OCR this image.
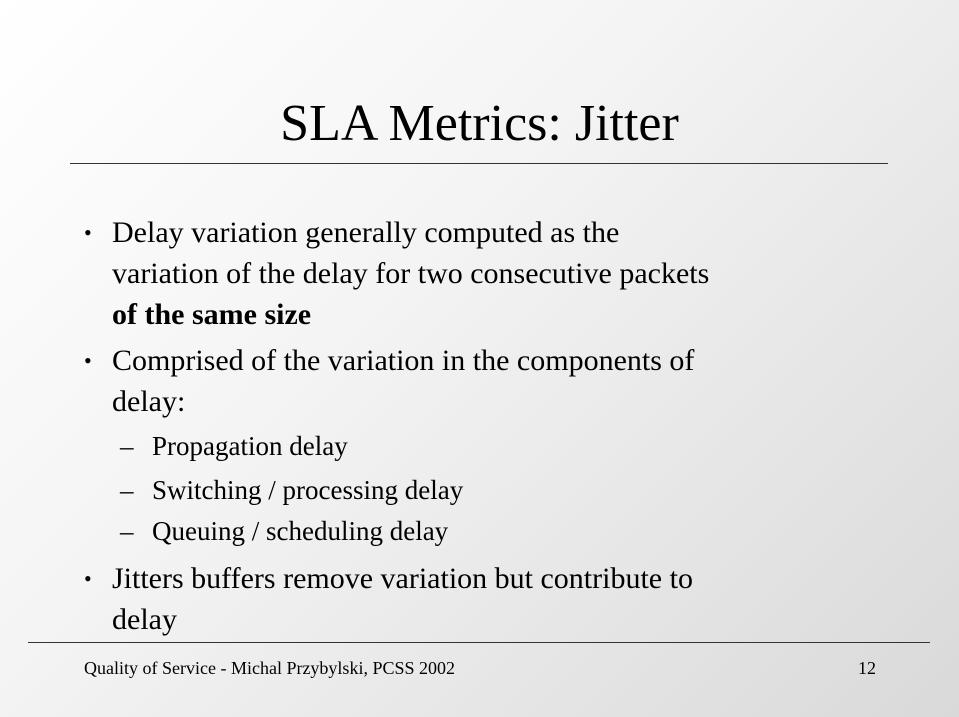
SLA Metrics: Jitter
• Delay variation generally computed as the
variation of the delay for two consecutive packets
of the same size
• Comprised of the variation in the components of
delay:
– Propagation delay
– Switching / processing delay
– Queuing / scheduling delay
• Jitters buffers remove variation but contribute to
delay
Quality of Service - Michal Przybylski, PCSS 2002	12
